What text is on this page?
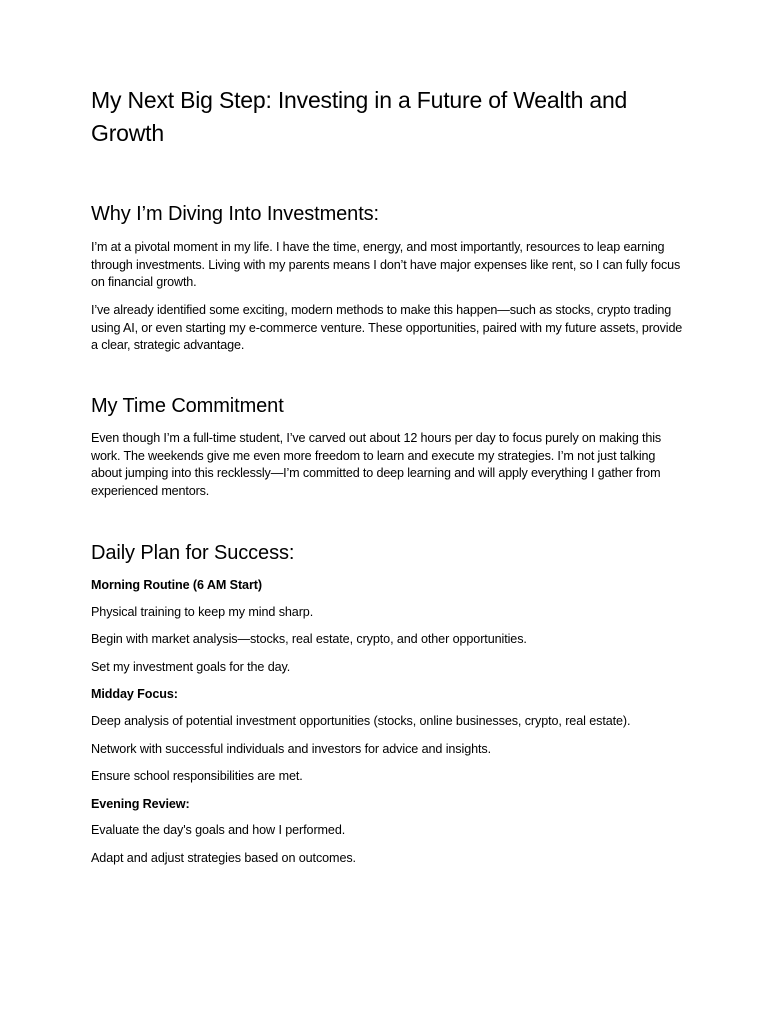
My Next Big Step: Investing in a Future of Wealth and Growth
Why I’m Diving Into Investments:

I’m at a pivotal moment in my life. I have the time, energy, and most importantly, resources to leap earning through investments. Living with my parents means I don’t have major expenses like rent, so I can fully focus on financial growth.

I’ve already identified some exciting, modern methods to make this happen—such as stocks, crypto trading using AI, or even starting my e-commerce venture. These opportunities, paired with my future assets, provide a clear, strategic advantage.

My Time Commitment

Even though I’m a full-time student, I’ve carved out about 12 hours per day to focus purely on making this work. The weekends give me even more freedom to learn and execute my strategies. I’m not just talking about jumping into this recklessly—I’m committed to deep learning and will apply everything I gather from experienced mentors.

Daily Plan for Success:

Morning Routine (6 AM Start)

Physical training to keep my mind sharp.

Begin with market analysis—stocks, real estate, crypto, and other opportunities.

Set my investment goals for the day.

Midday Focus:

Deep analysis of potential investment opportunities (stocks, online businesses, crypto, real estate).

Network with successful individuals and investors for advice and insights.

Ensure school responsibilities are met.

Evening Review:

Evaluate the day's goals and how I performed.

Adapt and adjust strategies based on outcomes.
